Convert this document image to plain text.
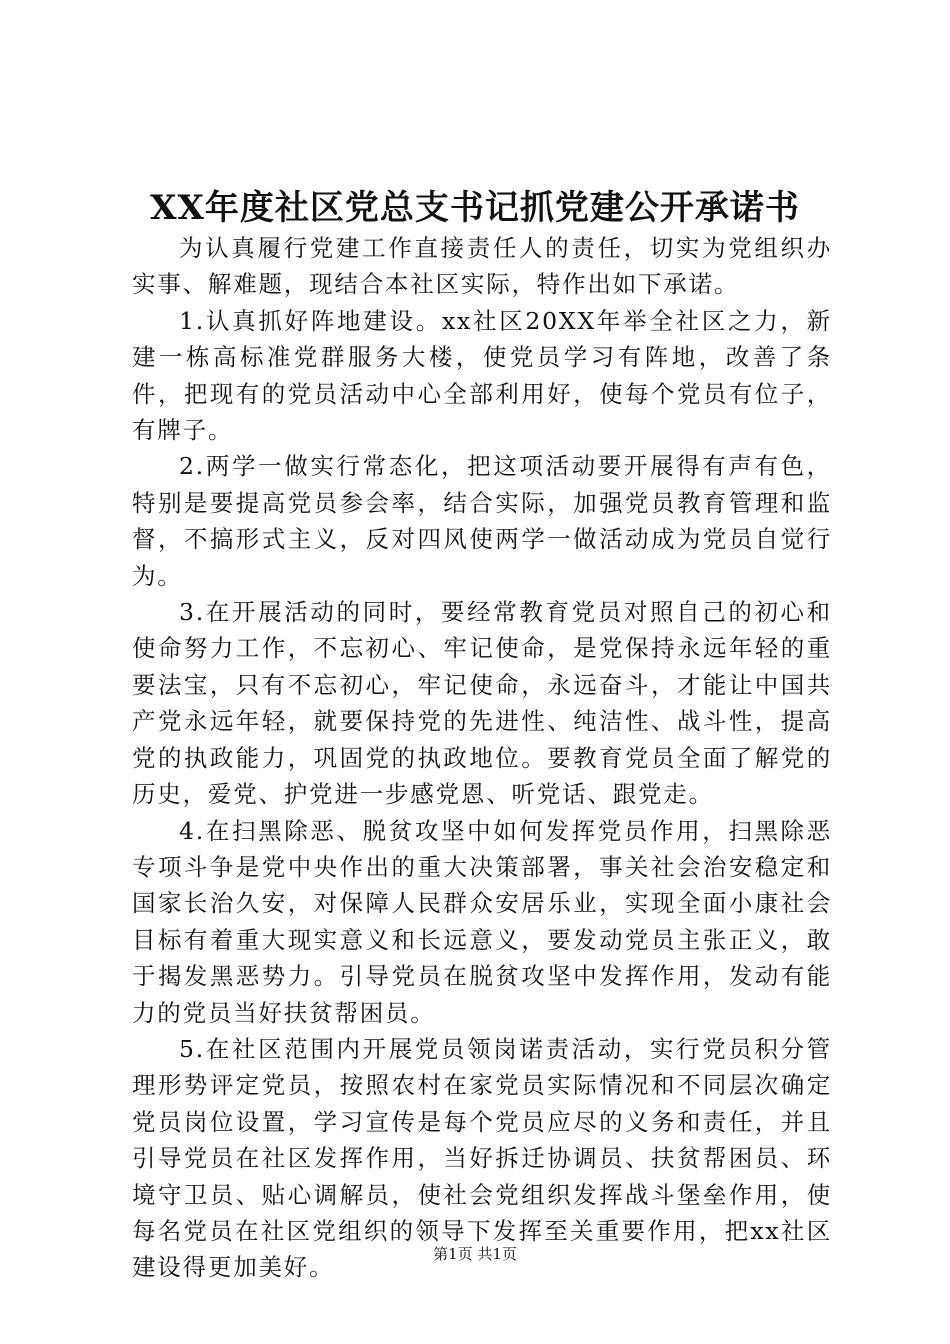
XX年度社区党总支书记抓党建公开承诺书

为认真履行党建工作直接责任人的责任，切实为党组织办实事、解难题，现结合本社区实际，特作出如下承诺。

1.认真抓好阵地建设。xx社区20XX年举全社区之力，新建一栋高标准党群服务大楼，使党员学习有阵地，改善了条件，把现有的党员活动中心全部利用好，使每个党员有位子，有牌子。

2.两学一做实行常态化，把这项活动要开展得有声有色，特别是要提高党员参会率，结合实际，加强党员教育管理和监督，不搞形式主义，反对四风使两学一做活动成为党员自觉行为。

3.在开展活动的同时，要经常教育党员对照自己的初心和使命努力工作，不忘初心、牢记使命，是党保持永远年轻的重要法宝，只有不忘初心，牢记使命，永远奋斗，才能让中国共产党永远年轻，就要保持党的先进性、纯洁性、战斗性，提高党的执政能力，巩固党的执政地位。要教育党员全面了解党的历史，爱党、护党进一步感党恩、听党话、跟党走。

4.在扫黑除恶、脱贫攻坚中如何发挥党员作用，扫黑除恶专项斗争是党中央作出的重大决策部署，事关社会治安稳定和国家长治久安，对保障人民群众安居乐业，实现全面小康社会目标有着重大现实意义和长远意义，要发动党员主张正义，敢于揭发黑恶势力。引导党员在脱贫攻坚中发挥作用，发动有能力的党员当好扶贫帮困员。

5.在社区范围内开展党员领岗诺责活动，实行党员积分管理形势评定党员，按照农村在家党员实际情况和不同层次确定党员岗位设置，学习宣传是每个党员应尽的义务和责任，并且引导党员在社区发挥作用，当好拆迁协调员、扶贫帮困员、环境守卫员、贴心调解员，使社会党组织发挥战斗堡垒作用，使每名党员在社区党组织的领导下发挥至关重要作用，把xx社区建设得更加美好。	第1页 共1页
